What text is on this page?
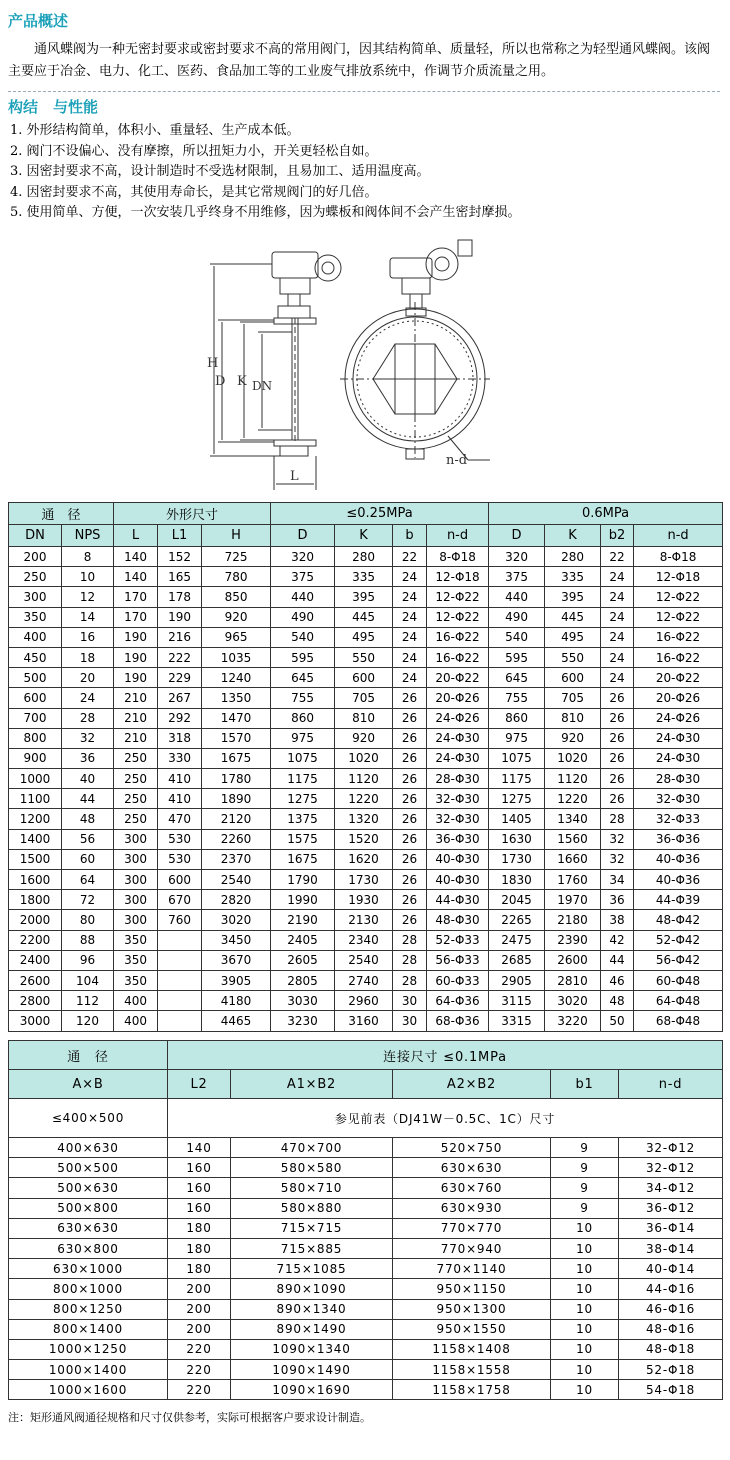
产品概述

通风蝶阀为一种无密封要求或密封要求不高的常用阀门，因其结构简单、质量轻，所以也常称之为轻型通风蝶阀。该阀主要应于冶金、电力、化工、医药、食品加工等的工业废气排放系统中，作调节介质流量之用。

构结　与性能
1. 外形结构简单，体积小、重量轻、生产成本低。
2. 阀门不设偏心、没有摩擦，所以扭矩力小，开关更轻松自如。
3. 因密封要求不高，设计制造时不受选材限制，且易加工、适用温度高。
4. 因密封要求不高，其使用寿命长，是其它常规阀门的好几倍。
5. 使用简单、方便，一次安装几乎终身不用维修，因为蝶板和阀体间不会产生密封摩损。
H
D K DN
L
n-d
通　径		外形尺寸			≤0.25MPa				0.6MPa			
DN	NPS	L	L1	H	D	K	b	n-d	D	K	b2	n-d
200	8	140	152	725	320	280	22	8-Φ18	320	280	22	8-Φ18
250	10	140	165	780	375	335	24	12-Φ18	375	335	24	12-Φ18
300	12	170	178	850	440	395	24	12-Φ22	440	395	24	12-Φ22
350	14	170	190	920	490	445	24	12-Φ22	490	445	24	12-Φ22
400	16	190	216	965	540	495	24	16-Φ22	540	495	24	16-Φ22
450	18	190	222	1035	595	550	24	16-Φ22	595	550	24	16-Φ22
500	20	190	229	1240	645	600	24	20-Φ22	645	600	24	20-Φ22
600	24	210	267	1350	755	705	26	20-Φ26	755	705	26	20-Φ26
700	28	210	292	1470	860	810	26	24-Φ26	860	810	26	24-Φ26
800	32	210	318	1570	975	920	26	24-Φ30	975	920	26	24-Φ30
900	36	250	330	1675	1075	1020	26	24-Φ30	1075	1020	26	24-Φ30
1000	40	250	410	1780	1175	1120	26	28-Φ30	1175	1120	26	28-Φ30
1100	44	250	410	1890	1275	1220	26	32-Φ30	1275	1220	26	32-Φ30
1200	48	250	470	2120	1375	1320	26	32-Φ30	1405	1340	28	32-Φ33
1400	56	300	530	2260	1575	1520	26	36-Φ30	1630	1560	32	36-Φ36
1500	60	300	530	2370	1675	1620	26	40-Φ30	1730	1660	32	40-Φ36
1600	64	300	600	2540	1790	1730	26	40-Φ30	1830	1760	34	40-Φ36
1800	72	300	670	2820	1990	1930	26	44-Φ30	2045	1970	36	44-Φ39
2000	80	300	760	3020	2190	2130	26	48-Φ30	2265	2180	38	48-Φ42
2200	88	350		3450	2405	2340	28	52-Φ33	2475	2390	42	52-Φ42
2400	96	350		3670	2605	2540	28	56-Φ33	2685	2600	44	56-Φ42
2600	104	350		3905	2805	2740	28	60-Φ33	2905	2810	46	60-Φ48
2800	112	400		4180	3030	2960	30	64-Φ36	3115	3020	48	64-Φ48
3000	120	400		4465	3230	3160	30	68-Φ36	3315	3220	50	68-Φ48
通　径	连接尺寸 ≤0.1MPa				
A×B	L2	A1×B2	A2×B2	b1	n-d
≤400×500	参见前表（DJ41W－0.5C、1C）尺寸				
400×630	140	470×700	520×750	9	32-Φ12
500×500	160	580×580	630×630	9	32-Φ12
500×630	160	580×710	630×760	9	34-Φ12
500×800	160	580×880	630×930	9	36-Φ12
630×630	180	715×715	770×770	10	36-Φ14
630×800	180	715×885	770×940	10	38-Φ14
630×1000	180	715×1085	770×1140	10	40-Φ14
800×1000	200	890×1090	950×1150	10	44-Φ16
800×1250	200	890×1340	950×1300	10	46-Φ16
800×1400	200	890×1490	950×1550	10	48-Φ16
1000×1250	220	1090×1340	1158×1408	10	48-Φ18
1000×1400	220	1090×1490	1158×1558	10	52-Φ18
1000×1600	220	1090×1690	1158×1758	10	54-Φ18

注：矩形通风阀通径规格和尺寸仅供参考，实际可根据客户要求设计制造。
